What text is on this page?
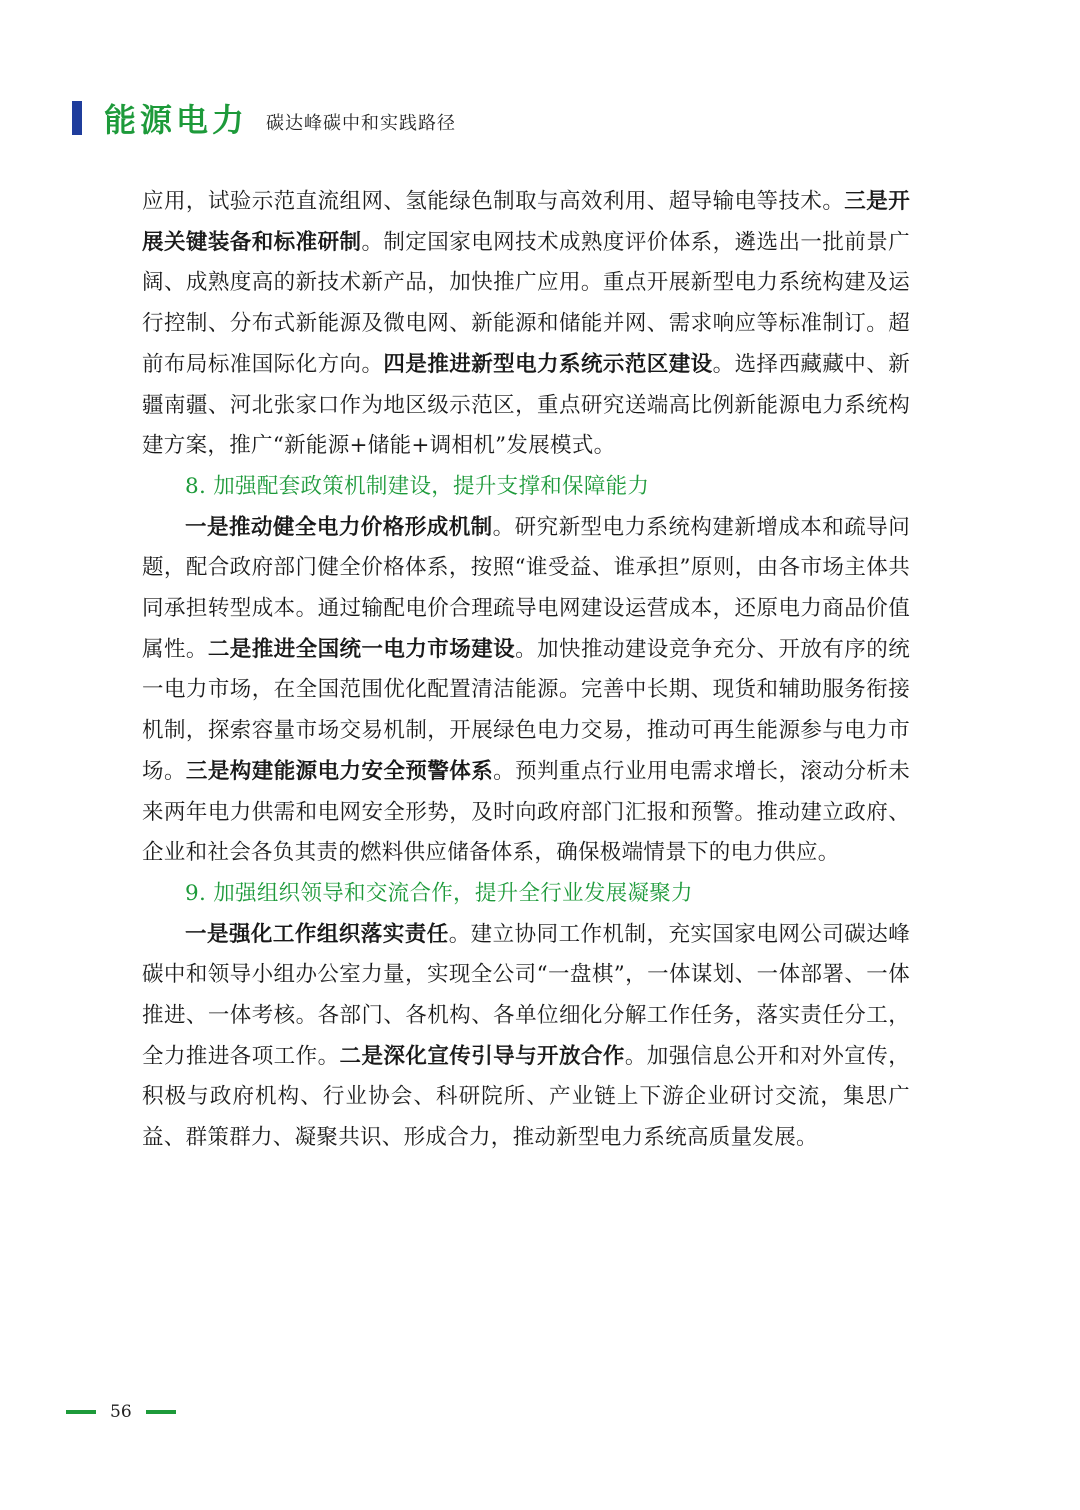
能源电力 碳达峰碳中和实践路径

应用，试验示范直流组网、氢能绿色制取与高效利用、超导输电等技术。三是开展关键装备和标准研制。制定国家电网技术成熟度评价体系，遴选出一批前景广阔、成熟度高的新技术新产品，加快推广应用。重点开展新型电力系统构建及运行控制、分布式新能源及微电网、新能源和储能并网、需求响应等标准制订。超前布局标准国际化方向。四是推进新型电力系统示范区建设。选择西藏藏中、新疆南疆、河北张家口作为地区级示范区，重点研究送端高比例新能源电力系统构建方案，推广“新能源+储能+调相机”发展模式。

8. 加强配套政策机制建设，提升支撑和保障能力

一是推动健全电力价格形成机制。研究新型电力系统构建新增成本和疏导问题，配合政府部门健全价格体系，按照“谁受益、谁承担”原则，由各市场主体共同承担转型成本。通过输配电价合理疏导电网建设运营成本，还原电力商品价值属性。二是推进全国统一电力市场建设。加快推动建设竞争充分、开放有序的统一电力市场，在全国范围优化配置清洁能源。完善中长期、现货和辅助服务衔接机制，探索容量市场交易机制，开展绿色电力交易，推动可再生能源参与电力市场。三是构建能源电力安全预警体系。预判重点行业用电需求增长，滚动分析未来两年电力供需和电网安全形势，及时向政府部门汇报和预警。推动建立政府、企业和社会各负其责的燃料供应储备体系，确保极端情景下的电力供应。

9. 加强组织领导和交流合作，提升全行业发展凝聚力

一是强化工作组织落实责任。建立协同工作机制，充实国家电网公司碳达峰碳中和领导小组办公室力量，实现全公司“一盘棋”，一体谋划、一体部署、一体推进、一体考核。各部门、各机构、各单位细化分解工作任务，落实责任分工，全力推进各项工作。二是深化宣传引导与开放合作。加强信息公开和对外宣传，积极与政府机构、行业协会、科研院所、产业链上下游企业研讨交流，集思广益、群策群力、凝聚共识、形成合力，推动新型电力系统高质量发展。

56
